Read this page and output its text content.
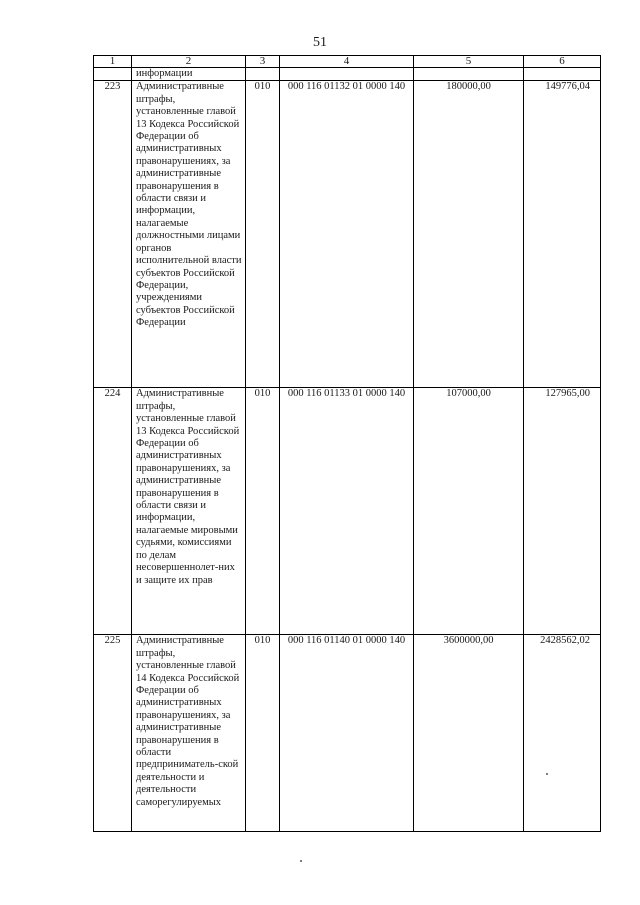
51
1	2	3	4	5	6
	информации				
223	Административные штрафы, установленные главой 13 Кодекса Российской Федерации об административных правонарушениях, за административные правонарушения в области связи и информации, налагаемые должностными лицами органов исполнительной власти субъектов Российской Федерации, учреждениями субъектов Российской Федерации	010	000 116 01132 01 0000 140	180000,00	149776,04
224	Административные штрафы, установленные главой 13 Кодекса Российской Федерации об административных правонарушениях, за административные правонарушения в области связи и информации, налагаемые мировыми судьями, комиссиями по делам несовершеннолет-них и защите их прав	010	000 116 01133 01 0000 140	107000,00	127965,00
225	Административные штрафы, установленные главой 14 Кодекса Российской Федерации об административных правонарушениях, за административные правонарушения в области предприниматель-ской деятельности и деятельности саморегулируемых	010	000 116 01140 01 0000 140	3600000,00	2428562,02
